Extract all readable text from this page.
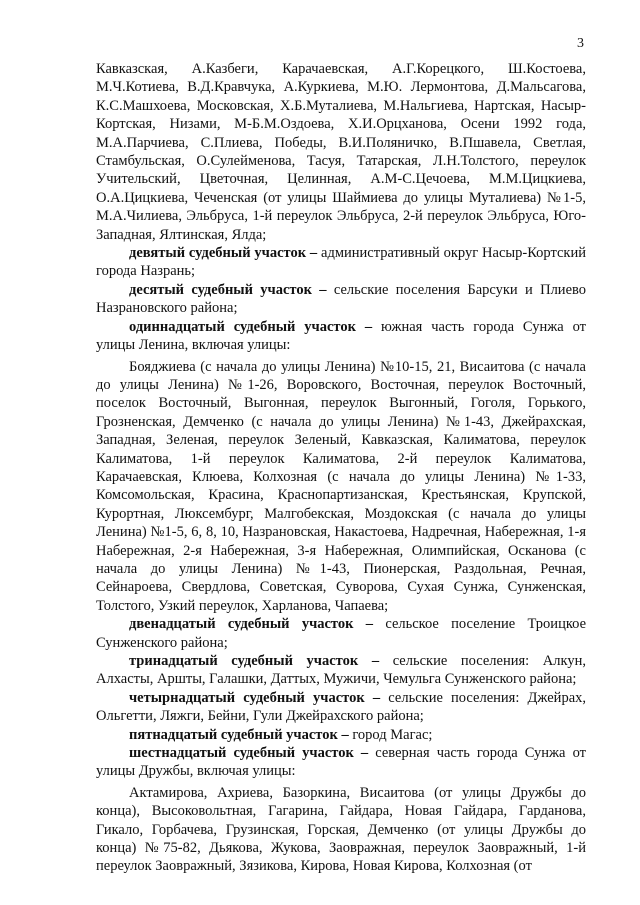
3

Кавказская, А.Казбеги, Карачаевская, А.Г.Корецкого, Ш.Костоева, М.Ч.Котиева, В.Д.Кравчука, А.Куркиева, М.Ю. Лермонтова, Д.Мальсагова, К.С.Машхоева, Московская, Х.Б.Муталиева, М.Нальгиева, Нартская, Насыр-Кортская, Низами, М-Б.М.Оздоева, Х.И.Орцханова, Осени 1992 года, М.А.Парчиева, С.Плиева, Победы, В.И.Поляничко, В.Пшавела, Светлая, Стамбульская, О.Сулейменова, Тасуя, Татарская, Л.Н.Толстого, переулок Учительский, Цветочная, Целинная, А.М-С.Цечоева, М.М.Цицкиева, О.А.Цицкиева, Чеченская (от улицы Шаймиева до улицы Муталиева) №1-5, М.А.Чилиева, Эльбруса, 1-й переулок Эльбруса, 2-й переулок Эльбруса, Юго-Западная, Ялтинская, Ялда;

девятый судебный участок – административный округ Насыр-Кортский города Назрань;

десятый судебный участок – сельские поселения Барсуки и Плиево Назрановского района;

одиннадцатый судебный участок – южная часть города Сунжа от улицы Ленина, включая улицы:

Бояджиева (с начала до улицы Ленина) №10-15, 21, Висаитова (с начала до улицы Ленина) №1-26, Воровского, Восточная, переулок Восточный, поселок Восточный, Выгонная, переулок Выгонный, Гоголя, Горького, Грозненская, Демченко (с начала до улицы Ленина) №1-43, Джейрахская, Западная, Зеленая, переулок Зеленый, Кавказская, Калиматова, переулок Калиматова, 1-й переулок Калиматова, 2-й переулок Калиматова, Карачаевская, Клюева, Колхозная (с начала до улицы Ленина) №1-33, Комсомольская, Красина, Краснопартизанская, Крестьянская, Крупской, Курортная, Люксембург, Малгобекская, Моздокская (с начала до улицы Ленина) №1-5, 6, 8, 10, Назрановская, Накастоева, Надречная, Набережная, 1-я Набережная, 2-я Набережная, 3-я Набережная, Олимпийская, Осканова (с начала до улицы Ленина) №1-43, Пионерская, Раздольная, Речная, Сейнароева, Свердлова, Советская, Суворова, Сухая Сунжа, Сунженская, Толстого, Узкий переулок, Харланова, Чапаева;

двенадцатый судебный участок – сельское поселение Троицкое Сунженского района;

тринадцатый судебный участок – сельские поселения: Алкун, Алхасты, Аршты, Галашки, Даттых, Мужичи, Чемульга Сунженского района;

четырнадцатый судебный участок – сельские поселения: Джейрах, Ольгетти, Ляжги, Бейни, Гули Джейрахского района;

пятнадцатый судебный участок – город Магас;

шестнадцатый судебный участок – северная часть города Сунжа от улицы Дружбы, включая улицы:

Актамирова, Ахриева, Базоркина, Висаитова (от улицы Дружбы до конца), Высоковольтная, Гагарина, Гайдара, Новая Гайдара, Гарданова, Гикало, Горбачева, Грузинская, Горская, Демченко (от улицы Дружбы до конца) №75-82, Дьякова, Жукова, Заовражная, переулок Заовражный, 1-й переулок Заовражный, Зязикова, Кирова, Новая Кирова, Колхозная (от
